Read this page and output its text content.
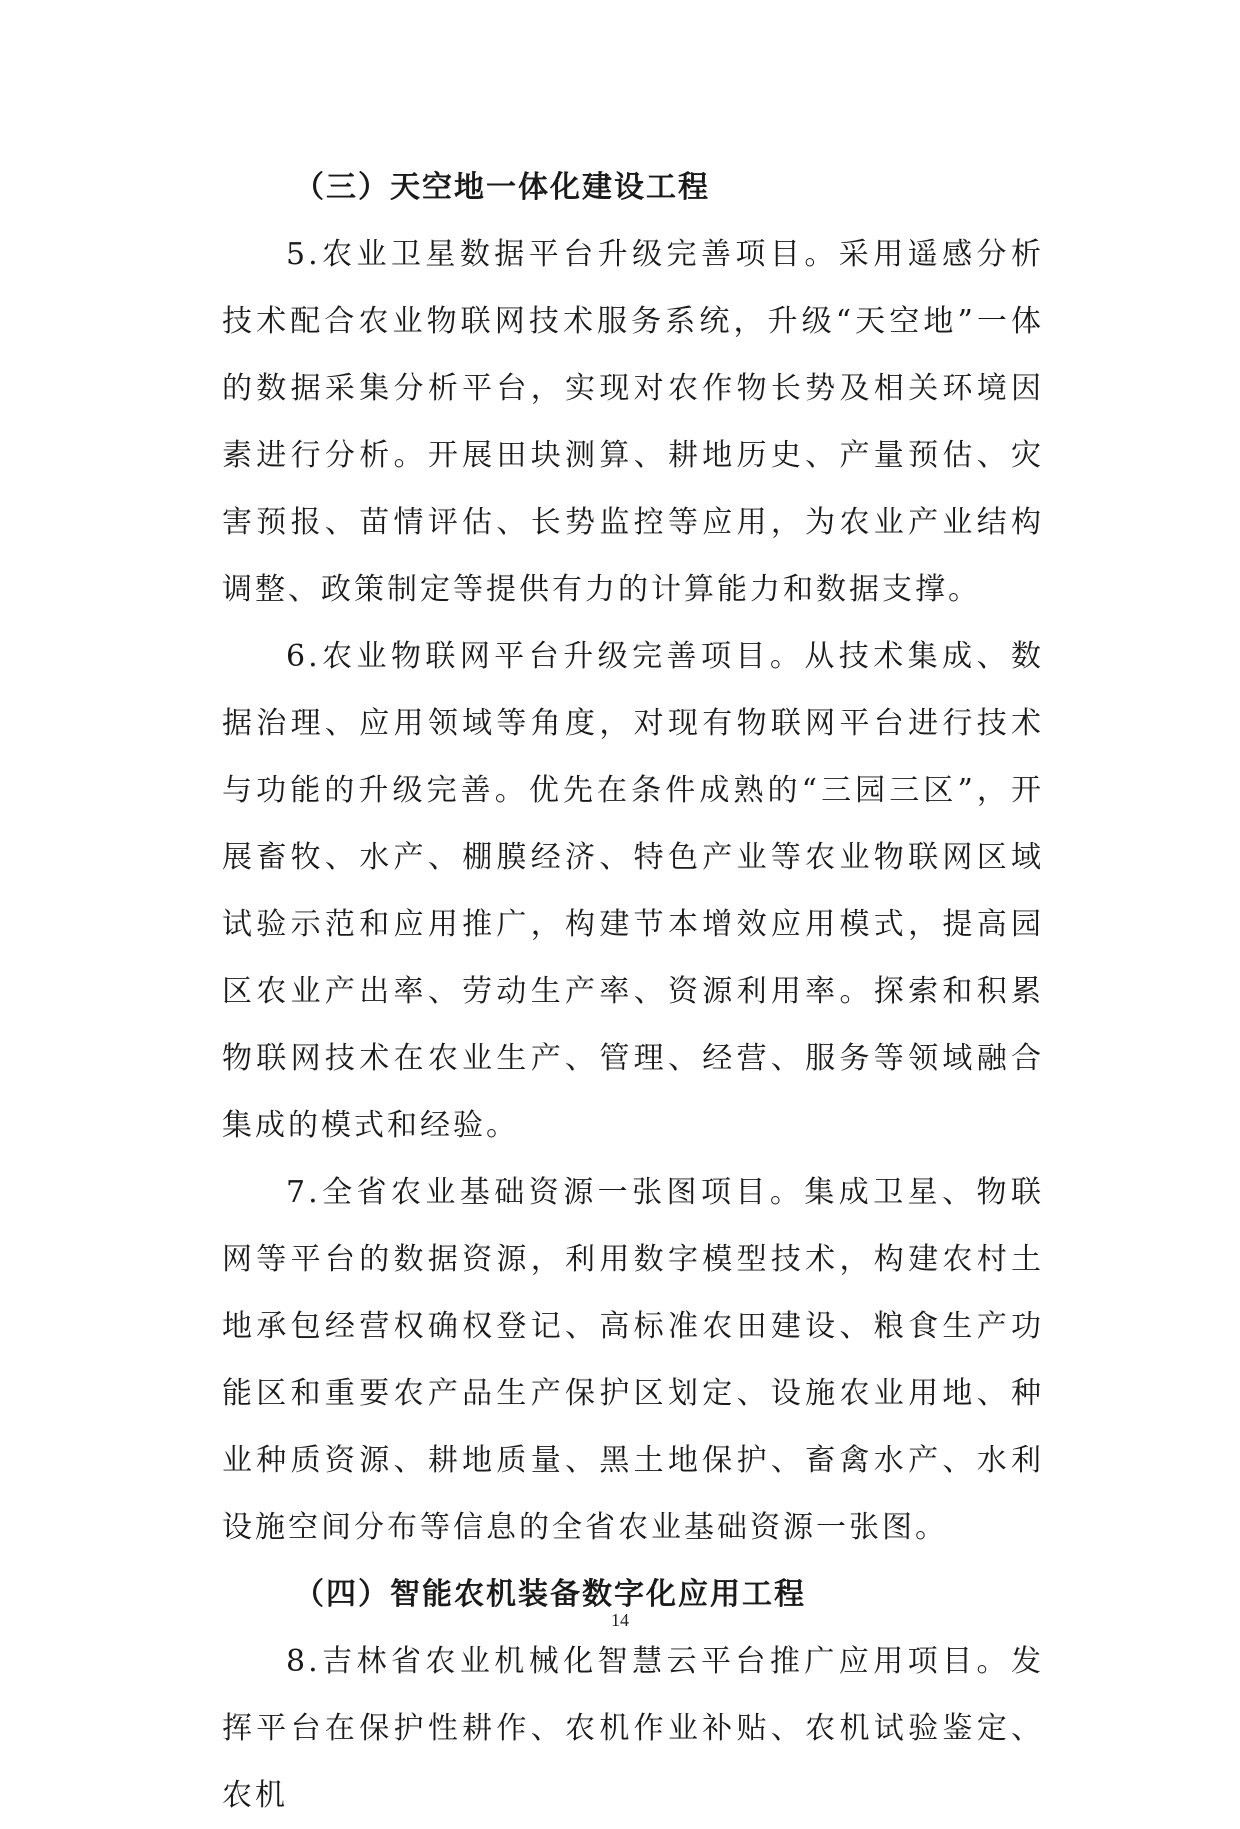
（三）天空地一体化建设工程

5.农业卫星数据平台升级完善项目。采用遥感分析技术配合农业物联网技术服务系统，升级“天空地”一体的数据采集分析平台，实现对农作物长势及相关环境因素进行分析。开展田块测算、耕地历史、产量预估、灾害预报、苗情评估、长势监控等应用，为农业产业结构调整、政策制定等提供有力的计算能力和数据支撑。

6.农业物联网平台升级完善项目。从技术集成、数据治理、应用领域等角度，对现有物联网平台进行技术与功能的升级完善。优先在条件成熟的“三园三区”，开展畜牧、水产、棚膜经济、特色产业等农业物联网区域试验示范和应用推广，构建节本增效应用模式，提高园区农业产出率、劳动生产率、资源利用率。探索和积累物联网技术在农业生产、管理、经营、服务等领域融合集成的模式和经验。

7.全省农业基础资源一张图项目。集成卫星、物联网等平台的数据资源，利用数字模型技术，构建农村土地承包经营权确权登记、高标准农田建设、粮食生产功能区和重要农产品生产保护区划定、设施农业用地、种业种质资源、耕地质量、黑土地保护、畜禽水产、水利设施空间分布等信息的全省农业基础资源一张图。

（四）智能农机装备数字化应用工程

8.吉林省农业机械化智慧云平台推广应用项目。发挥平台在保护性耕作、农机作业补贴、农机试验鉴定、农机

14
